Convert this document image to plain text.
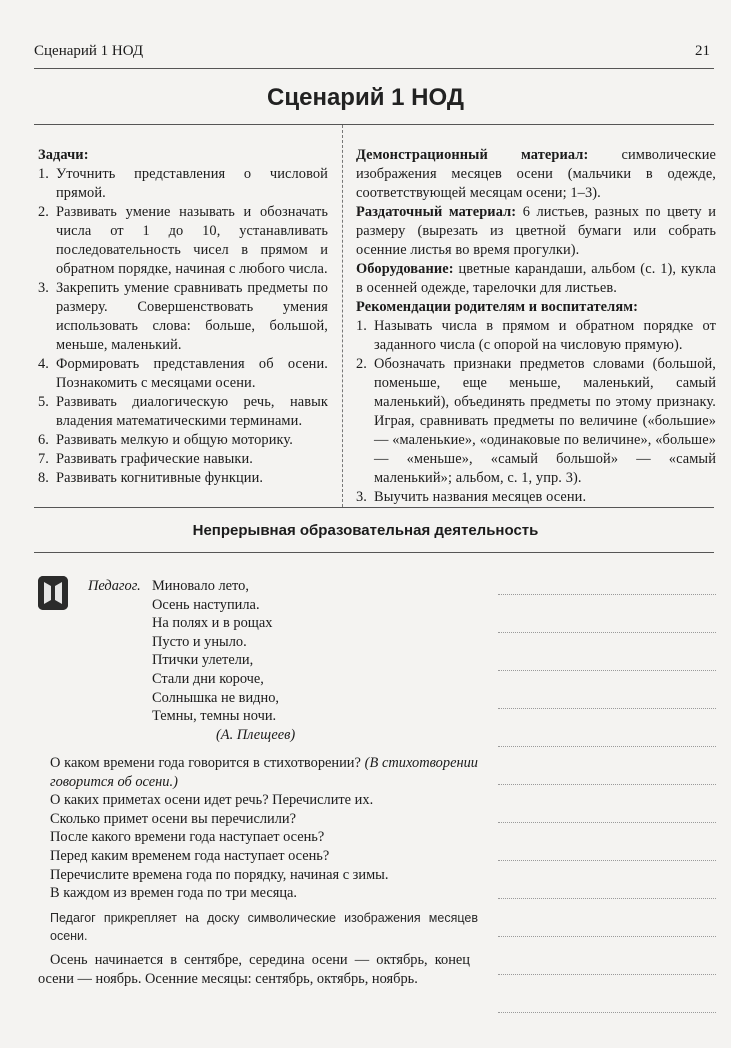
Сценарий 1 НОД	21
Сценарий 1 НОД
Задачи:
1. Уточнить представления о числовой прямой.
2. Развивать умение называть и обозначать числа от 1 до 10, устанавливать последовательность чисел в прямом и обратном порядке, начиная с любого числа.
3. Закрепить умение сравнивать предметы по размеру. Совершенствовать умения использовать слова: больше, большой, меньше, маленький.
4. Формировать представления об осени. Познакомить с месяцами осени.
5. Развивать диалогическую речь, навык владения математическими терминами.
6. Развивать мелкую и общую моторику.
7. Развивать графические навыки.
8. Развивать когнитивные функции.

Демонстрационный материал: символические изображения месяцев осени (мальчики в одежде, соответствующей месяцам осени; 1–3).

Раздаточный материал: 6 листьев, разных по цвету и размеру (вырезать из цветной бумаги или собрать осенние листья во время прогулки).

Оборудование: цветные карандаши, альбом (с. 1), кукла в осенней одежде, тарелочки для листьев.

Рекомендации родителям и воспитателям:
1. Называть числа в прямом и обратном порядке от заданного числа (с опорой на числовую прямую).
2. Обозначать признаки предметов словами (большой, поменьше, еще меньше, маленький, самый маленький), объединять предметы по этому признаку. Играя, сравнивать предметы по величине («большие» — «маленькие», «одинаковые по величине», «больше» — «меньше», «самый большой» — «самый маленький»; альбом, с. 1, упр. 3).
3. Выучить названия месяцев осени.
Непрерывная образовательная деятельность
Педагог. Миновало лето,
Осень наступила.
На полях и в рощах
Пусто и уныло.
Птички улетели,
Стали дни короче,
Солнышка не видно,
Темны, темны ночи.
(А. Плещеев)
О каком времени года говорится в стихотворении? (В стихотворении говорится об осени.)
О каких приметах осени идет речь? Перечислите их.
Сколько примет осени вы перечислили?
После какого времени года наступает осень?
Перед каким временем года наступает осень?
Перечислите времена года по порядку, начиная с зимы.
В каждом из времен года по три месяца.
Педагог прикрепляет на доску символические изображения месяцев осени.
Осень начинается в сентябре, середина осени — октябрь, конец осени — ноябрь. Осенние месяцы: сентябрь, октябрь, ноябрь.
